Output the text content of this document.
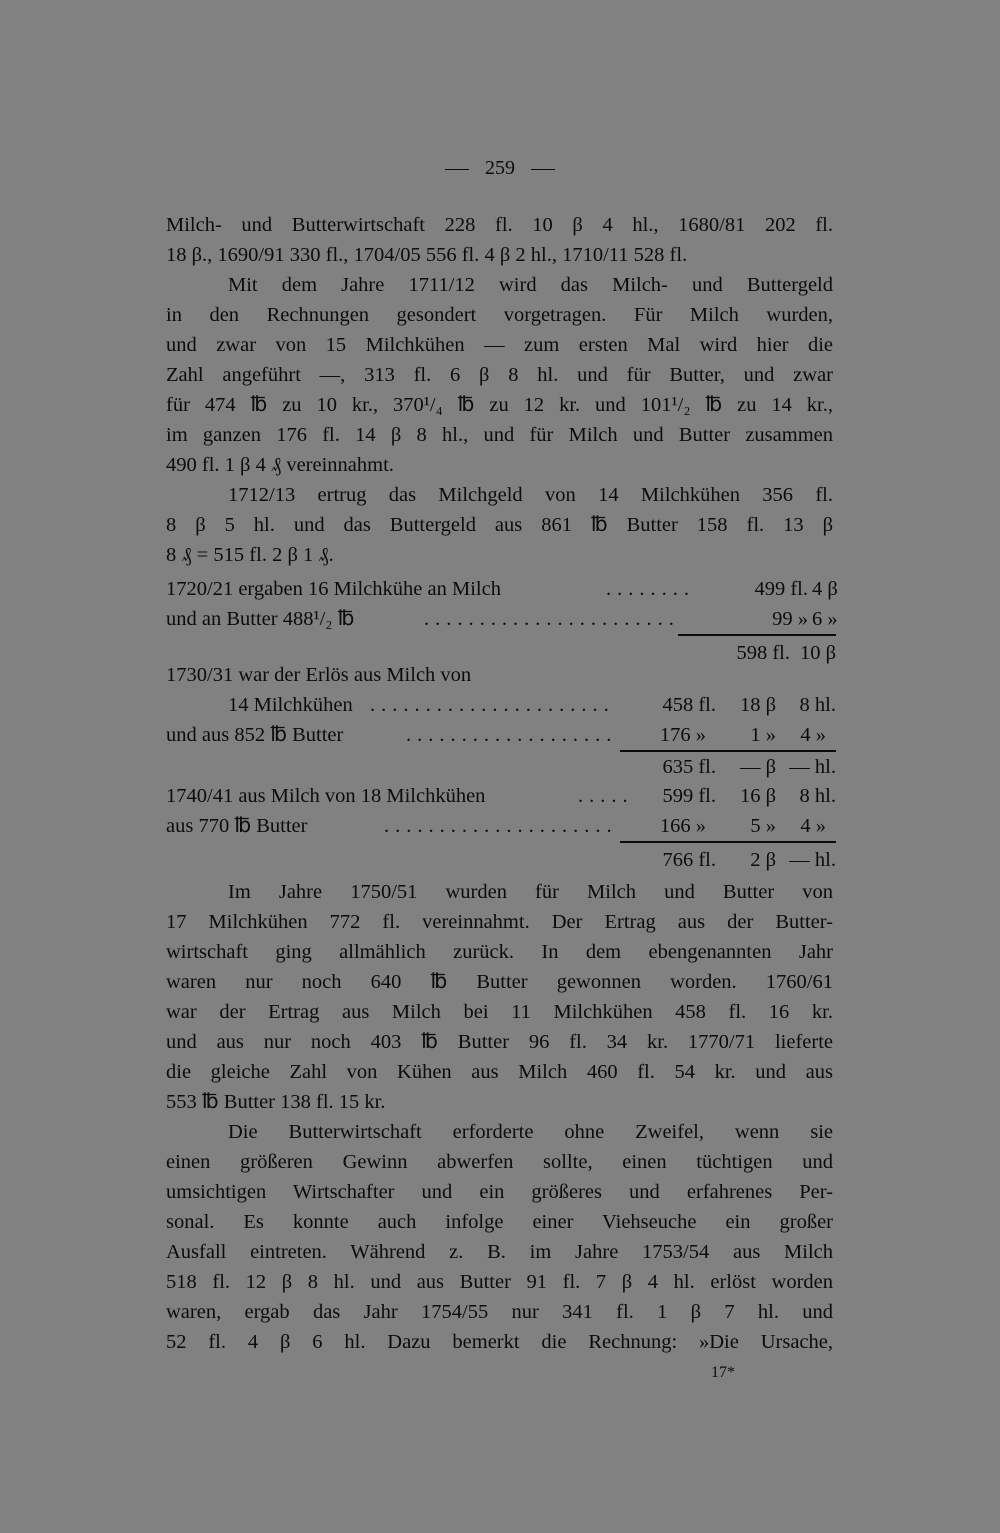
259
Milch- und Butterwirtschaft 228 fl. 10 β 4 hl., 1680/81 202 fl.
18 β., 1690/91 330 fl., 1704/05 556 fl. 4 β 2 hl., 1710/11 528 fl.
Mit dem Jahre 1711/12 wird das Milch- und Buttergeld
in den Rechnungen gesondert vorgetragen. Für Milch wurden,
und zwar von 15 Milchkühen — zum ersten Mal wird hier die
Zahl angeführt —, 313 fl. 6 β 8 hl. und für Butter, und zwar
für 474 ℔ zu 10 kr., 370¹/₄ ℔ zu 12 kr. und 101¹/₂ ℔ zu 14 kr.,
im ganzen 176 fl. 14 β 8 hl., und für Milch und Butter zusammen
490 fl. 1 β 4 ₰ vereinnahmt.
1712/13 ertrug das Milchgeld von 14 Milchkühen 356 fl.
8 β 5 hl. und das Buttergeld aus 861 ℔ Butter 158 fl. 13 β
8 ₰ = 515 fl. 2 β 1 ₰.
1720/21 ergaben 16 Milchkühe an Milch	........	499 fl. 4 β
und an Butter 488¹/₂ ℔	.......................	99 » 6 »
598 fl. 10 β
1730/31 war der Erlös aus Milch von
14 Milchkühen ......................	458 fl.	18 β	8 hl.
und aus 852 ℔ Butter	...................	176 »	1 »	4 »
635 fl.	— β — hl.
1740/41 aus Milch von 18 Milchkühen	.....	599 fl.	16 β	8 hl.
aus 770 ℔ Butter	.....................	166 »	5 »	4 »
766 fl.	2 β — hl.
Im Jahre 1750/51 wurden für Milch und Butter von
17 Milchkühen 772 fl. vereinnahmt. Der Ertrag aus der Butter-
wirtschaft ging allmählich zurück. In dem ebengenannten Jahr
waren nur noch 640 ℔ Butter gewonnen worden. 1760/61
war der Ertrag aus Milch bei 11 Milchkühen 458 fl. 16 kr.
und aus nur noch 403 ℔ Butter 96 fl. 34 kr. 1770/71 lieferte
die gleiche Zahl von Kühen aus Milch 460 fl. 54 kr. und aus
553 ℔ Butter 138 fl. 15 kr.
Die Butterwirtschaft erforderte ohne Zweifel, wenn sie
einen größeren Gewinn abwerfen sollte, einen tüchtigen und
umsichtigen Wirtschafter und ein größeres und erfahrenes Per-
sonal. Es konnte auch infolge einer Viehseuche ein großer
Ausfall eintreten. Während z. B. im Jahre 1753/54 aus Milch
518 fl. 12 β 8 hl. und aus Butter 91 fl. 7 β 4 hl. erlöst worden
waren, ergab das Jahr 1754/55 nur 341 fl. 1 β 7 hl. und
52 fl. 4 β 6 hl. Dazu bemerkt die Rechnung: »Die Ursache,
17*
